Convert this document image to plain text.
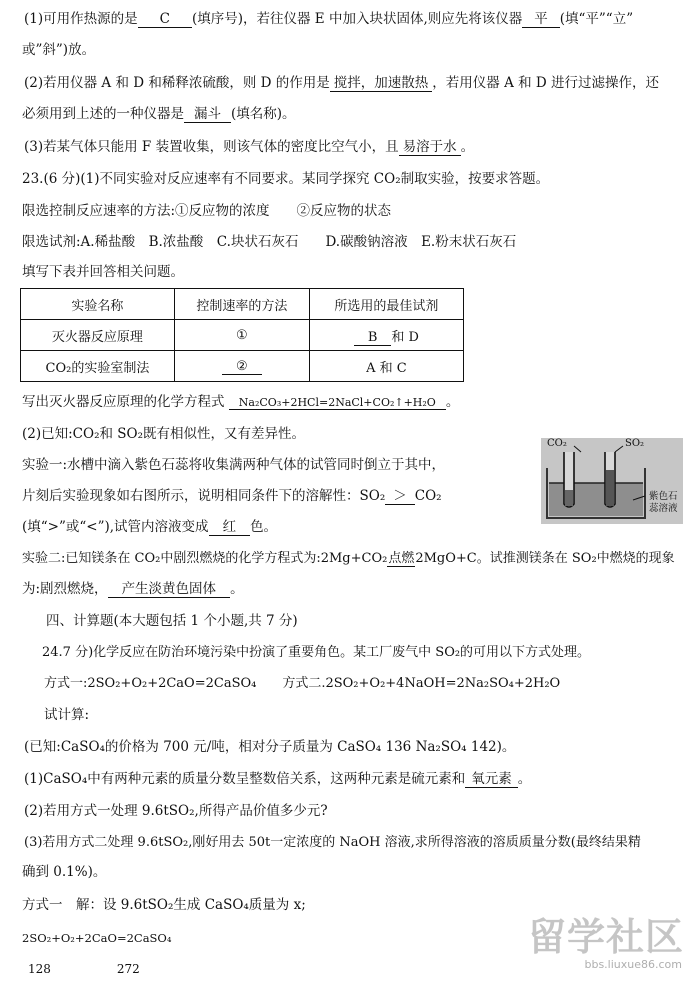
(1)可用作热源的是 C (填序号)，若往仪器 E 中加入块状固体,则应先将该仪器 平 (填“平”“立”
或”斜”)放。
(2)若用仪器 A 和 D 和稀释浓硫酸，则 D 的作用是 搅拌，加速散热 ，若用仪器 A 和 D 进行过滤操作，还
必须用到上述的一种仪器是 漏斗 (填名称)。
(3)若某气体只能用 F 装置收集，则该气体的密度比空气小，且 易溶于水 。
23.(6 分)(1)不同实验对反应速率有不同要求。某同学探究 CO₂制取实验，按要求答题。
限选控制反应速率的方法:①反应物的浓度　　②反应物的状态
限选试剂:A.稀盐酸　B.浓盐酸　C.块状石灰石　　D.碳酸钠溶液　E.粉末状石灰石
填写下表并回答相关问题。
实验名称	控制速率的方法	所选用的最佳试剂
灭火器反应原理	①	B 和 D
CO₂的实验室制法	②	A 和 C
写出灭火器反应原理的化学方程式 Na₂CO₃+2HCl=2NaCl+CO₂↑+H₂O 。
(2)已知:CO₂和 SO₂既有相似性，又有差异性。
实验一:水槽中滴入紫色石蕊将收集满两种气体的试管同时倒立于其中，
片刻后实验现象如右图所示，说明相同条件下的溶解性：SO₂ ＞ CO₂
(填“>”或“<”),试管内溶液变成 红 色。
实验二:已知镁条在 CO₂中剧烈燃烧的化学方程式为:2Mg+CO₂点燃2MgO+C。试推测镁条在 SO₂中燃烧的现象
为:剧烈燃烧， 产生淡黄色固体 。
四、计算题(本大题包括 1 个小题,共 7 分)
24.7 分)化学反应在防治环境污染中扮演了重要角色。某工厂废气中 SO₂的可用以下方式处理。
方式一:2SO₂+O₂+2CaO=2CaSO₄　　方式二.2SO₂+O₂+4NaOH=2Na₂SO₄+2H₂O
试计算:
(已知:CaSO₄的价格为 700 元/吨，相对分子质量为 CaSO₄ 136 Na₂SO₄ 142)。
(1)CaSO₄中有两种元素的质量分数呈整数倍关系，这两种元素是硫元素和 氧元素 。
(2)若用方式一处理 9.6tSO₂,所得产品价值多少元?
(3)若用方式二处理 9.6tSO₂,刚好用去 50t一定浓度的 NaOH 溶液,求所得溶液的溶质质量分数(最终结果精
确到 0.1%)。
方式一　解：设 9.6tSO₂生成 CaSO₄质量为 x;
2SO₂+O₂+2CaO=2CaSO₄
128	272
CO₂	SO₂
紫色石
蕊溶液
留学社区
bbs.liuxue86.com
